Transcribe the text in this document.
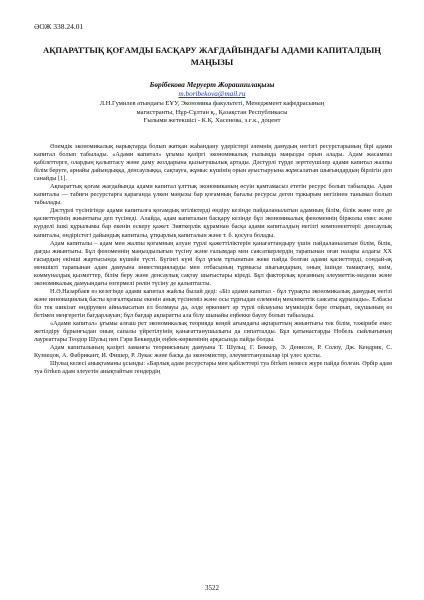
ӘОЖ 338.24.01
АҚПАРАТТЫҚ ҚОҒАМДЫ БАСҚАРУ ЖАҒДАЙЫНДАҒЫ АДАМИ КАПИТАЛДЫҢ МАҢЫЗЫ
Бөрібекова Меруерт Жорашиилақызы
m.boribekova@mail.ru
Л.Н.Гумилев атындағы ЕҰУ, Экономика факультеті, Менеджмент кафедрасының
магистранты, Нұр-Сұлтан қ., Қазақстан Республикасы
Ғылыми жетекшісі - К.Қ. Хасенова, э.ғ.к., доцент

Әлемдік экономикалық нарықтарда болып жатқан жаһандану үдерістері әлемнің дамудың негізгі ресурстарының бірі адами капитал болып табылады. «Адами капитал» ұғымы қазіргі экономикалық ғылымда маңызды орын алады. Адам жасампаз қабілеттерге, олардың қалыптасу және даму жолдарына қызығушылық артады. Дәстүрлі түрде зерттеушілер адами капитал жалпы білім беруге, арнайы дайындыққа, денсаулыққа, сақтауға, жұмыс күшінің орын ауыстыруына жұмсалатын шығындардың бірлігін деп санайды [1].

Ақпараттық қоғам жағдайында адами капитал ұлттық экономиканың өсуін қамтамасыз ететін ресурс болып табылады. Адам капиталы — табиғи ресурстарға қарағанда үлкен маңызы бар қоғамның бағалы ресурсы деген тұжырым негізінен танымал болып табылады.

Дәстүрлі түсінігінде адами капиталға қоғамдық игіліктерді өндіру кезінде пайдаланылатын адамның білім, білік және өзге де қасиеттерінің жиынтығы деп түсінеді. Алайда, адам капиталын басқару кезінде бұл экономикалық феноменнің біржолы емес және күрделі ішкі құрылымы бар екенін ескеру қажет. Зияткерлік құрамнан басқа адами капиталдың негізгі компоненттері: денсаулық капиталы, өндірістегі дайындық капиталы, ұтқырлық капиталын және т. б. қосуға болады.

Адам капиталы – адам мен жалпы қоғамның алуан түрлі қажеттіліктерін қанағаттандыру үшін пайдаланылатын білім, білік, дағды жиынтығы. Бұл феноменнің маңыздылығын түсіну және ғалымдар мен саясаткерлердің тарапынан оған назары алдағы ХХ ғасырдың екінші жартысында күшейе түсті. Бүгінгі күні бұл ұғым тұтынатын жеке пайда болған адами қасиеттерді, сондай-ақ меншікті тарапынан адам дамуына инвестицияларды мен отбасының тұрмысы шығындарын, оның ішінде тамақтану, киім, коммуналдық қызметтер, білім беру және денсаулық сақтау шығыстары кіреді. Бұл факторлық қоғамның әлеуметтік-мәдени және экономикалық дамуындағы өзгермелі рөлін түсіну де қалыптасты.

Н.Ә.Назарбаев өз кезегінде адами капитал жайлы былай деді: «Біз адами капитал - бұл түрақты экономикалық дамудың негізі және инновациялық басты қозғалтқышы екенін анық түсінеміз және осы тұрғыдан елеменің мемлекеттік саясаты құрылады». Елбасы біз тек шикізат өндірумен айналысатын ел болмауы да, әлде өркениет әр түрлі ойлауына мүмкіндік бере отырып, оқушының өз бетімен меңгеретін бағдарлауын; бұл бағдар ақпаратты ала білу шынайы еңбекке баулу болып табылады.

«Адами капитал» ұғымы алғаш рет экономикалық теорияда кеңей ағымдағы ақпараттың жиынтығы тек білім, тәжірибе емес жетілдіру бұрынғыдан оның сапалы үйретілуінің қанағаттанушылығы да сипатталды. Бұл қатынастарды Нобель сыйлығының лауреаттары Теодор Шульц пен Гэри Беккердің еңбек-көркемінің арқасында пайда болды.

Адам капиталының қазіргі заманғы теориясының дамуына Т. Шульц, Г. Беккер, Э. Денисон, Р. Солоу, Дж. Кендрик, С. Кузнецов, А. Фабрикант, И. Фишер, Р. Лукас және басқа да экономистер, әлеуметтанушылар ірі үлес қосты.

Шульц келесі анықтаманы ұсынды: «Барлық адам ресурстары мен қабілеттері туа бітken немесе жүре пайда болған. Әрбір адам туа бітken адам әлеуетін анықтайтын гендердің

3522
